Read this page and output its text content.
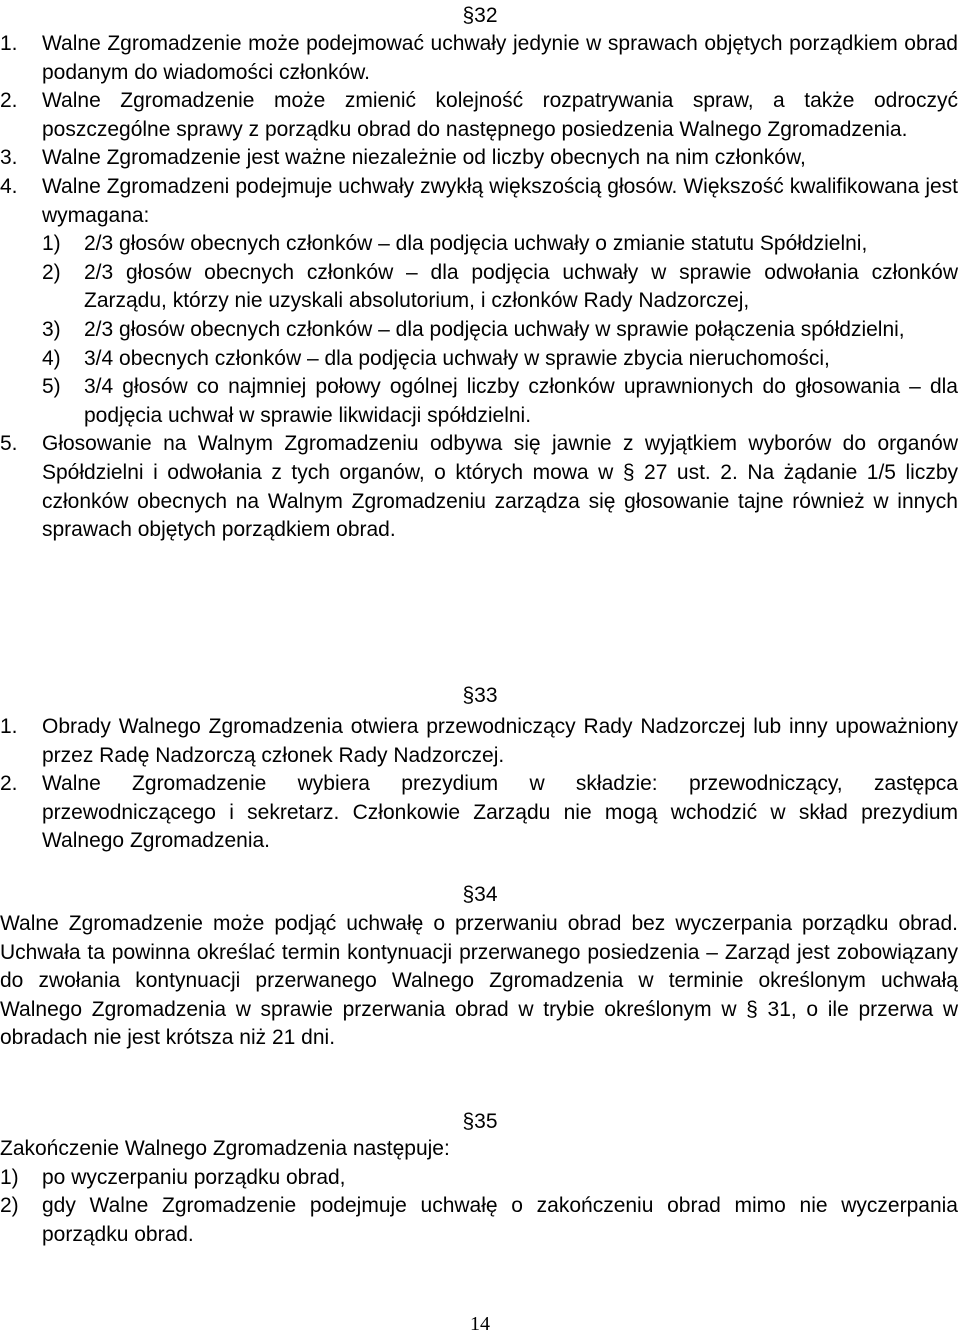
§32
1.	Walne Zgromadzenie może podejmować uchwały jedynie w sprawach objętych porządkiem obrad podanym do wiadomości członków.
2.	Walne Zgromadzenie może zmienić kolejność rozpatrywania spraw, a także odroczyć poszczególne sprawy z porządku obrad do następnego posiedzenia Walnego Zgromadzenia.
3.	Walne Zgromadzenie jest ważne niezależnie od liczby obecnych na nim członków,
4.	Walne Zgromadzeni podejmuje uchwały zwykłą większością głosów. Większość kwalifikowana jest wymagana:
1)	2/3 głosów obecnych członków – dla podjęcia uchwały o zmianie statutu Spółdzielni,
2)	2/3 głosów obecnych członków – dla podjęcia uchwały w sprawie odwołania członków Zarządu, którzy nie uzyskali absolutorium, i członków Rady Nadzorczej,
3)	2/3 głosów obecnych członków – dla podjęcia uchwały w sprawie połączenia spółdzielni,
4)	3/4 obecnych członków – dla podjęcia uchwały w sprawie zbycia nieruchomości,
5)	3/4 głosów co najmniej połowy ogólnej liczby członków uprawnionych do głosowania – dla podjęcia uchwał w sprawie likwidacji spółdzielni.
5.	Głosowanie na Walnym Zgromadzeniu odbywa się jawnie z wyjątkiem wyborów do organów Spółdzielni i odwołania z tych organów, o których mowa w § 27 ust. 2. Na żądanie 1/5 liczby członków obecnych na Walnym Zgromadzeniu zarządza się głosowanie tajne również w innych sprawach objętych porządkiem obrad.
§33
1.	Obrady Walnego Zgromadzenia otwiera przewodniczący Rady Nadzorczej lub inny upoważniony przez Radę Nadzorczą członek Rady Nadzorczej.
2.	Walne Zgromadzenie wybiera prezydium w składzie: przewodniczący, zastępca przewodniczącego i sekretarz. Członkowie Zarządu nie mogą wchodzić w skład prezydium Walnego Zgromadzenia.
§34
Walne Zgromadzenie może podjąć uchwałę o przerwaniu obrad bez wyczerpania porządku obrad. Uchwała ta powinna określać termin kontynuacji przerwanego posiedzenia – Zarząd jest zobowiązany do zwołania kontynuacji przerwanego Walnego Zgromadzenia w terminie określonym uchwałą Walnego Zgromadzenia w sprawie przerwania obrad w trybie określonym w § 31, o ile przerwa w obradach nie jest krótsza niż 21 dni.
§35
Zakończenie Walnego Zgromadzenia następuje:
1)	po wyczerpaniu porządku obrad,
2)	gdy Walne Zgromadzenie podejmuje uchwałę o zakończeniu obrad mimo nie wyczerpania porządku obrad.
14
